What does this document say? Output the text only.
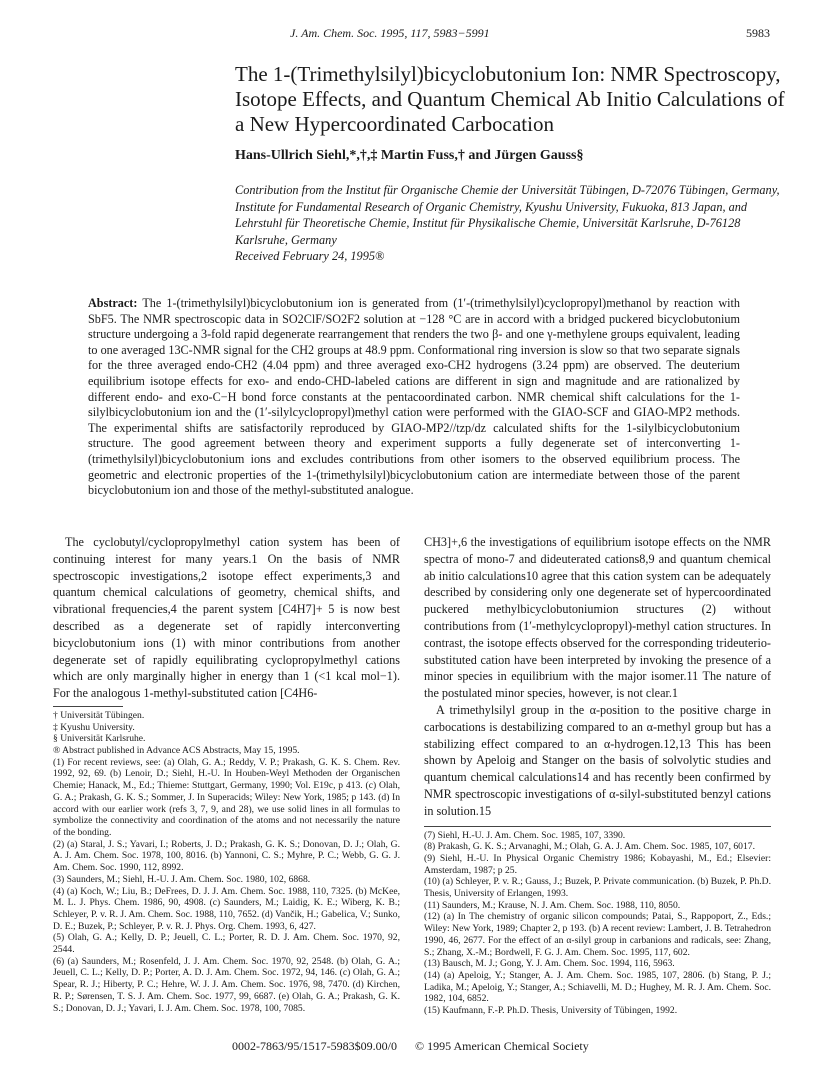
J. Am. Chem. Soc. 1995, 117, 5983−5991	5983
The 1-(Trimethylsilyl)bicyclobutonium Ion: NMR Spectroscopy, Isotope Effects, and Quantum Chemical Ab Initio Calculations of a New Hypercoordinated Carbocation
Hans-Ullrich Siehl,*,†,‡ Martin Fuss,† and Jürgen Gauss§

Contribution from the Institut für Organische Chemie der Universität Tübingen, D-72076 Tübingen, Germany, Institute for Fundamental Research of Organic Chemistry, Kyushu University, Fukuoka, 813 Japan, and Lehrstuhl für Theoretische Chemie, Institut für Physikalische Chemie, Universität Karlsruhe, D-76128 Karlsruhe, Germany

Received February 24, 1995®

Abstract: The 1-(trimethylsilyl)bicyclobutonium ion is generated from (1′-(trimethylsilyl)cyclopropyl)methanol by reaction with SbF5. The NMR spectroscopic data in SO2ClF/SO2F2 solution at −128 °C are in accord with a bridged puckered bicyclobutonium structure undergoing a 3-fold rapid degenerate rearrangement that renders the two β- and one γ-methylene groups equivalent, leading to one averaged 13C-NMR signal for the CH2 groups at 48.9 ppm. Conformational ring inversion is slow so that two separate signals for the three averaged endo-CH2 (4.04 ppm) and three averaged exo-CH2 hydrogens (3.24 ppm) are observed. The deuterium equilibrium isotope effects for exo- and endo-CHD-labeled cations are different in sign and magnitude and are rationalized by different endo- and exo-C−H bond force constants at the pentacoordinated carbon. NMR chemical shift calculations for the 1-silylbicyclobutonium ion and the (1′-silylcyclopropyl)methyl cation were performed with the GIAO-SCF and GIAO-MP2 methods. The experimental shifts are satisfactorily reproduced by GIAO-MP2//tzp/dz calculated shifts for the 1-silylbicyclobutonium structure. The good agreement between theory and experiment supports a fully degenerate set of interconverting 1-(trimethylsilyl)bicyclobutonium ions and excludes contributions from other isomers to the observed equilibrium process. The geometric and electronic properties of the 1-(trimethylsilyl)bicyclobutonium cation are intermediate between those of the parent bicyclobutonium ion and those of the methyl-substituted analogue.

The cyclobutyl/cyclopropylmethyl cation system has been of continuing interest for many years.1 On the basis of NMR spectroscopic investigations,2 isotope effect experiments,3 and quantum chemical calculations of geometry, chemical shifts, and vibrational frequencies,4 the parent system [C4H7]+ 5 is now best described as a degenerate set of rapidly interconverting bicyclobutonium ions (1) with minor contributions from another degenerate set of rapidly equilibrating cyclopropylmethyl cations which are only marginally higher in energy than 1 (<1 kcal mol−1). For the analogous 1-methyl-substituted cation [C4H6-

† Universität Tübingen.
‡ Kyushu University.
§ Universität Karlsruhe.
® Abstract published in Advance ACS Abstracts, May 15, 1995.
(1) For recent reviews, see: (a) Olah, G. A.; Reddy, V. P.; Prakash, G. K. S. Chem. Rev. 1992, 92, 69. (b) Lenoir, D.; Siehl, H.-U. In Houben-Weyl Methoden der Organischen Chemie; Hanack, M., Ed.; Thieme: Stuttgart, Germany, 1990; Vol. E19c, p 413. (c) Olah, G. A.; Prakash, G. K. S.; Sommer, J. In Superacids; Wiley: New York, 1985; p 143. (d) In accord with our earlier work (refs 3, 7, 9, and 28), we use solid lines in all formulas to symbolize the connectivity and coordination of the atoms and not necessarily the nature of the bonding.
(2) (a) Staral, J. S.; Yavari, I.; Roberts, J. D.; Prakash, G. K. S.; Donovan, D. J.; Olah, G. A. J. Am. Chem. Soc. 1978, 100, 8016. (b) Yannoni, C. S.; Myhre, P. C.; Webb, G. G. J. Am. Chem. Soc. 1990, 112, 8992.
(3) Saunders, M.; Siehl, H.-U. J. Am. Chem. Soc. 1980, 102, 6868.
(4) (a) Koch, W.; Liu, B.; DeFrees, D. J. J. Am. Chem. Soc. 1988, 110, 7325. (b) McKee, M. L. J. Phys. Chem. 1986, 90, 4908. (c) Saunders, M.; Laidig, K. E.; Wiberg, K. B.; Schleyer, P. v. R. J. Am. Chem. Soc. 1988, 110, 7652. (d) Vančik, H.; Gabelica, V.; Sunko, D. E.; Buzek, P.; Schleyer, P. v. R. J. Phys. Org. Chem. 1993, 6, 427.
(5) Olah, G. A.; Kelly, D. P.; Jeuell, C. L.; Porter, R. D. J. Am. Chem. Soc. 1970, 92, 2544.
(6) (a) Saunders, M.; Rosenfeld, J. J. Am. Chem. Soc. 1970, 92, 2548. (b) Olah, G. A.; Jeuell, C. L.; Kelly, D. P.; Porter, A. D. J. Am. Chem. Soc. 1972, 94, 146. (c) Olah, G. A.; Spear, R. J.; Hiberty, P. C.; Hehre, W. J. J. Am. Chem. Soc. 1976, 98, 7470. (d) Kirchen, R. P.; Sørensen, T. S. J. Am. Chem. Soc. 1977, 99, 6687. (e) Olah, G. A.; Prakash, G. K. S.; Donovan, D. J.; Yavari, I. J. Am. Chem. Soc. 1978, 100, 7085.

CH3]+,6 the investigations of equilibrium isotope effects on the NMR spectra of mono-7 and dideuterated cations8,9 and quantum chemical ab initio calculations10 agree that this cation system can be adequately described by considering only one degenerate set of hypercoordinated puckered methylbicyclobutoniumion structures (2) without contributions from (1′-methylcyclopropyl)-methyl cation structures. In contrast, the isotope effects observed for the corresponding trideuterio-substituted cation have been interpreted by invoking the presence of a minor species in equilibrium with the major isomer.11 The nature of the postulated minor species, however, is not clear.1

A trimethylsilyl group in the α-position to the positive charge in carbocations is destabilizing compared to an α-methyl group but has a stabilizing effect compared to an α-hydrogen.12,13 This has been shown by Apeloig and Stanger on the basis of solvolytic studies and quantum chemical calculations14 and has recently been confirmed by NMR spectroscopic investigations of α-silyl-substituted benzyl cations in solution.15

(7) Siehl, H.-U. J. Am. Chem. Soc. 1985, 107, 3390.
(8) Prakash, G. K. S.; Arvanaghi, M.; Olah, G. A. J. Am. Chem. Soc. 1985, 107, 6017.
(9) Siehl, H.-U. In Physical Organic Chemistry 1986; Kobayashi, M., Ed.; Elsevier: Amsterdam, 1987; p 25.
(10) (a) Schleyer, P. v. R.; Gauss, J.; Buzek, P. Private communication. (b) Buzek, P. Ph.D. Thesis, University of Erlangen, 1993.
(11) Saunders, M.; Krause, N. J. Am. Chem. Soc. 1988, 110, 8050.
(12) (a) In The chemistry of organic silicon compounds; Patai, S., Rappoport, Z., Eds.; Wiley: New York, 1989; Chapter 2, p 193. (b) A recent review: Lambert, J. B. Tetrahedron 1990, 46, 2677. For the effect of an α-silyl group in carbanions and radicals, see: Zhang, S.; Zhang, X.-M.; Bordwell, F. G. J. Am. Chem. Soc. 1995, 117, 602.
(13) Bausch, M. J.; Gong, Y. J. Am. Chem. Soc. 1994, 116, 5963.
(14) (a) Apeloig, Y.; Stanger, A. J. Am. Chem. Soc. 1985, 107, 2806. (b) Stang, P. J.; Ladika, M.; Apeloig, Y.; Stanger, A.; Schiavelli, M. D.; Hughey, M. R. J. Am. Chem. Soc. 1982, 104, 6852.
(15) Kaufmann, F.-P. Ph.D. Thesis, University of Tübingen, 1992.
0002-7863/95/1517-5983$09.00/0 © 1995 American Chemical Society
